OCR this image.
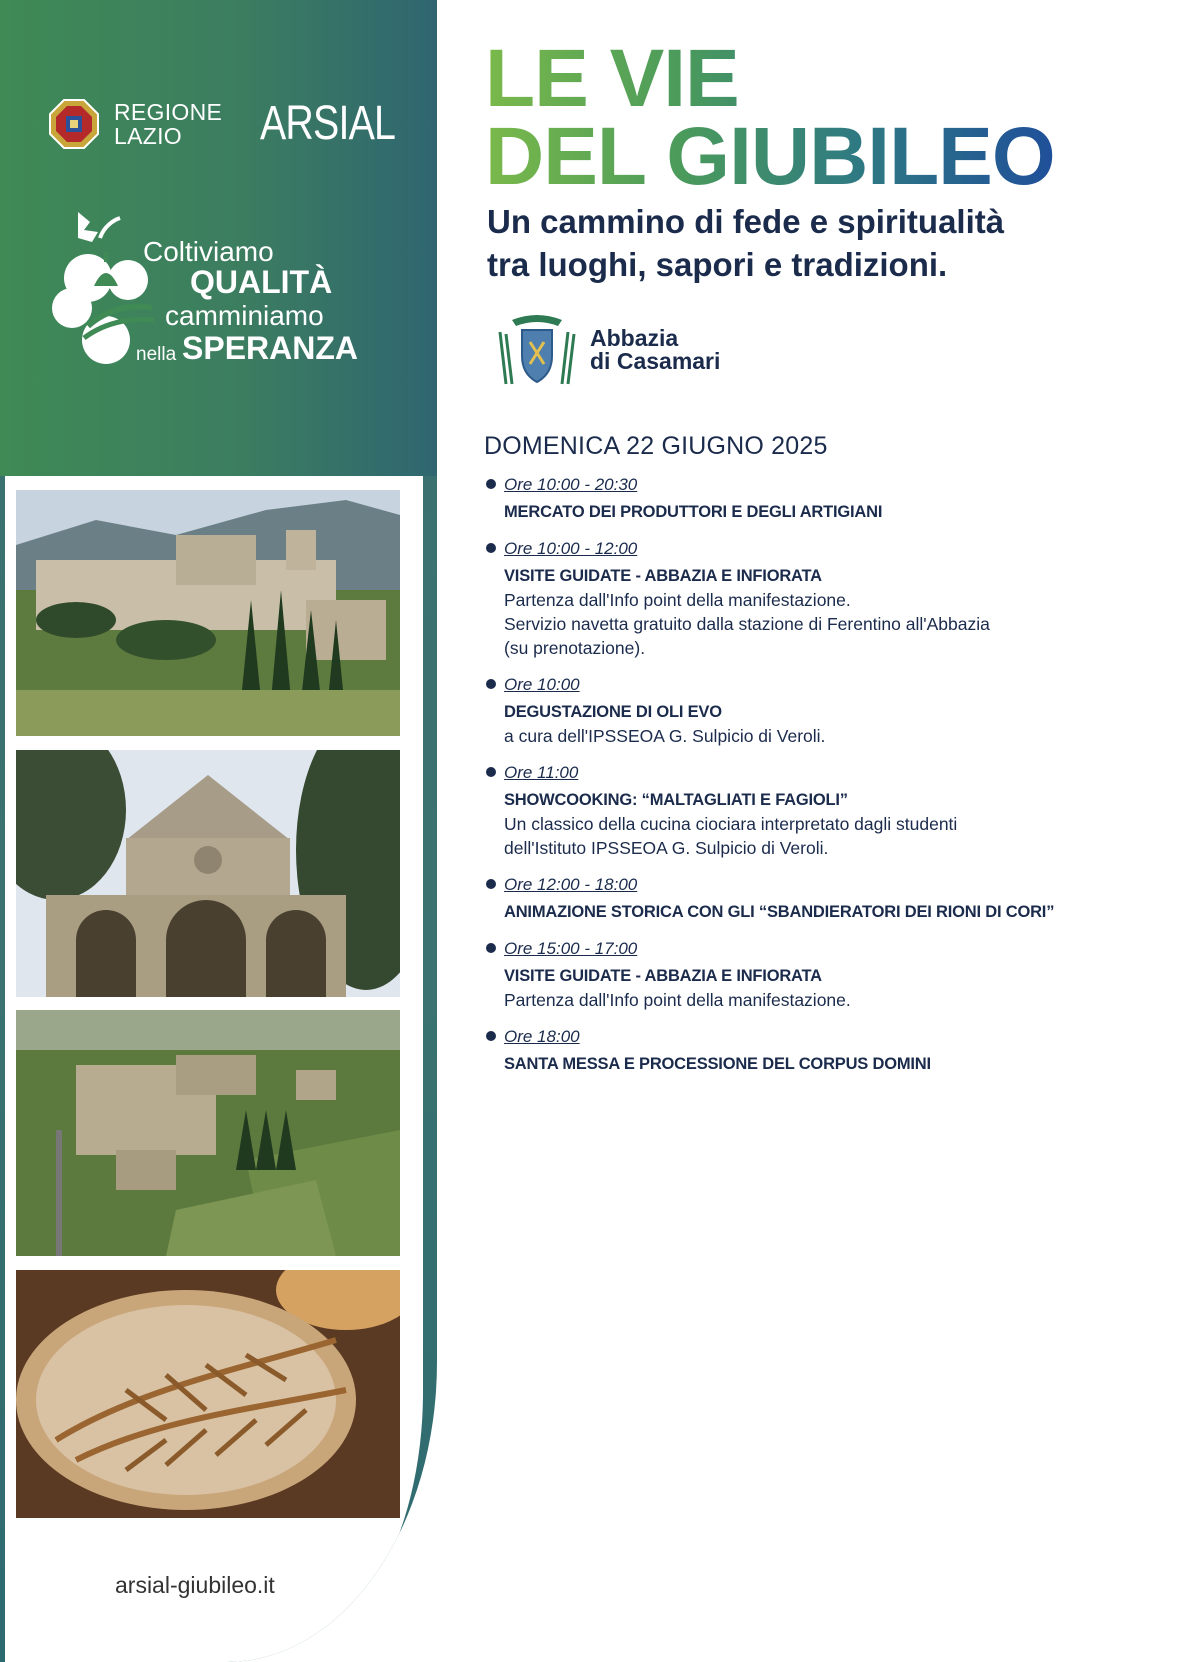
REGIONE
LAZIO	ARSIAL
Coltiviamo
QUALITÀ
camminiamo
nella SPERANZA
arsial-giubileo.it
LE VIE
DEL GIUBILEO
Un cammino di fede e spiritualità
tra luoghi, sapori e tradizioni.
Abbazia
di Casamari
DOMENICA 22 GIUGNO 2025
Ore 10:00 - 20:30
MERCATO DEI PRODUTTORI E DEGLI ARTIGIANI
Ore 10:00 - 12:00
VISITE GUIDATE - ABBAZIA E INFIORATA
Partenza dall'Info point della manifestazione.
Servizio navetta gratuito dalla stazione di Ferentino all'Abbazia
(su prenotazione).
Ore 10:00
DEGUSTAZIONE DI OLI EVO
a cura dell'IPSSEOA G. Sulpicio di Veroli.
Ore 11:00
SHOWCOOKING: “MALTAGLIATI E FAGIOLI”
Un classico della cucina ciociara interpretato dagli studenti
dell'Istituto IPSSEOA G. Sulpicio di Veroli.
Ore 12:00 - 18:00
ANIMAZIONE STORICA CON GLI “SBANDIERATORI DEI RIONI DI CORI”
Ore 15:00 - 17:00
VISITE GUIDATE - ABBAZIA E INFIORATA
Partenza dall'Info point della manifestazione.
Ore 18:00
SANTA MESSA E PROCESSIONE DEL CORPUS DOMINI
